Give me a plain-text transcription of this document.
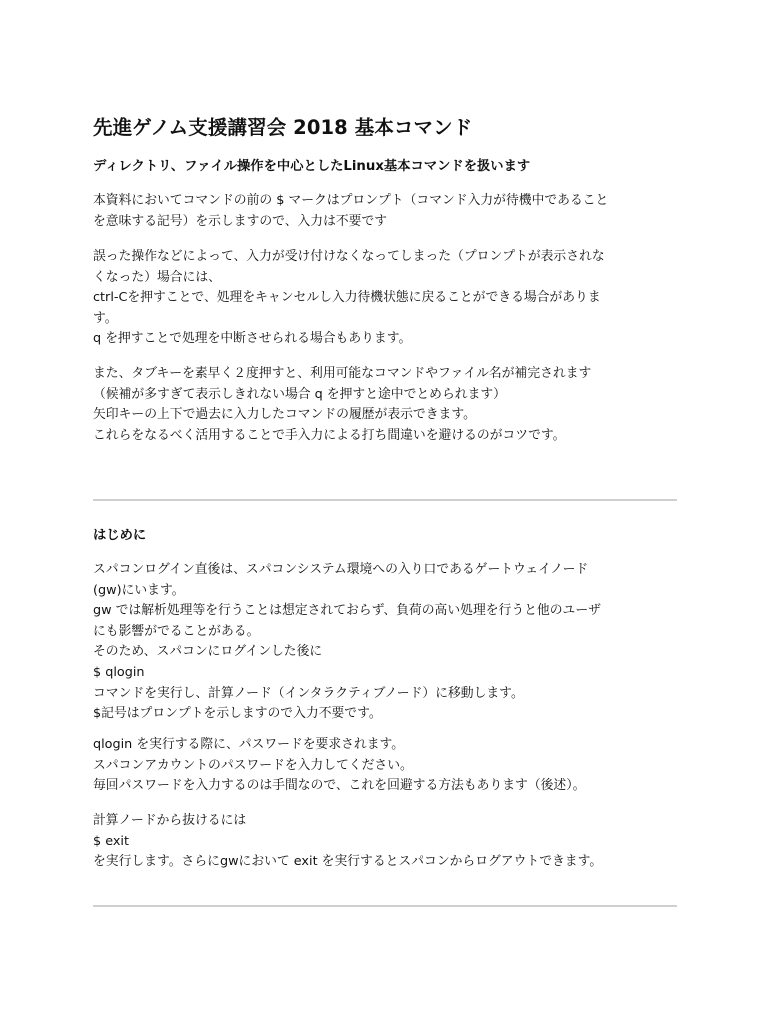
先進ゲノム支援講習会 2018 基本コマンド
ディレクトリ、ファイル操作を中心としたLinux基本コマンドを扱います

本資料においてコマンドの前の $ マークはプロンプト（コマンド入力が待機中であること
を意味する記号）を示しますので、入力は不要です

誤った操作などによって、入力が受け付けなくなってしまった（プロンプトが表示されな
くなった）場合には、
ctrl-Cを押すことで、処理をキャンセルし入力待機状態に戻ることができる場合がありま
す。
q を押すことで処理を中断させられる場合もあります。

また、タブキーを素早く２度押すと、利用可能なコマンドやファイル名が補完されます
（候補が多すぎて表示しきれない場合 q を押すと途中でとめられます）
矢印キーの上下で過去に入力したコマンドの履歴が表示できます。
これらをなるべく活用することで手入力による打ち間違いを避けるのがコツです。

はじめに

スパコンログイン直後は、スパコンシステム環境への入り口であるゲートウェイノード
(gw)にいます。
gw では解析処理等を行うことは想定されておらず、負荷の高い処理を行うと他のユーザ
にも影響がでることがある。
そのため、スパコンにログインした後に
$ qlogin
コマンドを実行し、計算ノード（インタラクティブノード）に移動します。
$記号はプロンプトを示しますので入力不要です。

qlogin を実行する際に、パスワードを要求されます。
スパコンアカウントのパスワードを入力してください。
毎回パスワードを入力するのは手間なので、これを回避する方法もあります（後述）。

計算ノードから抜けるには
$ exit
を実行します。さらにgwにおいて exit を実行するとスパコンからログアウトできます。
